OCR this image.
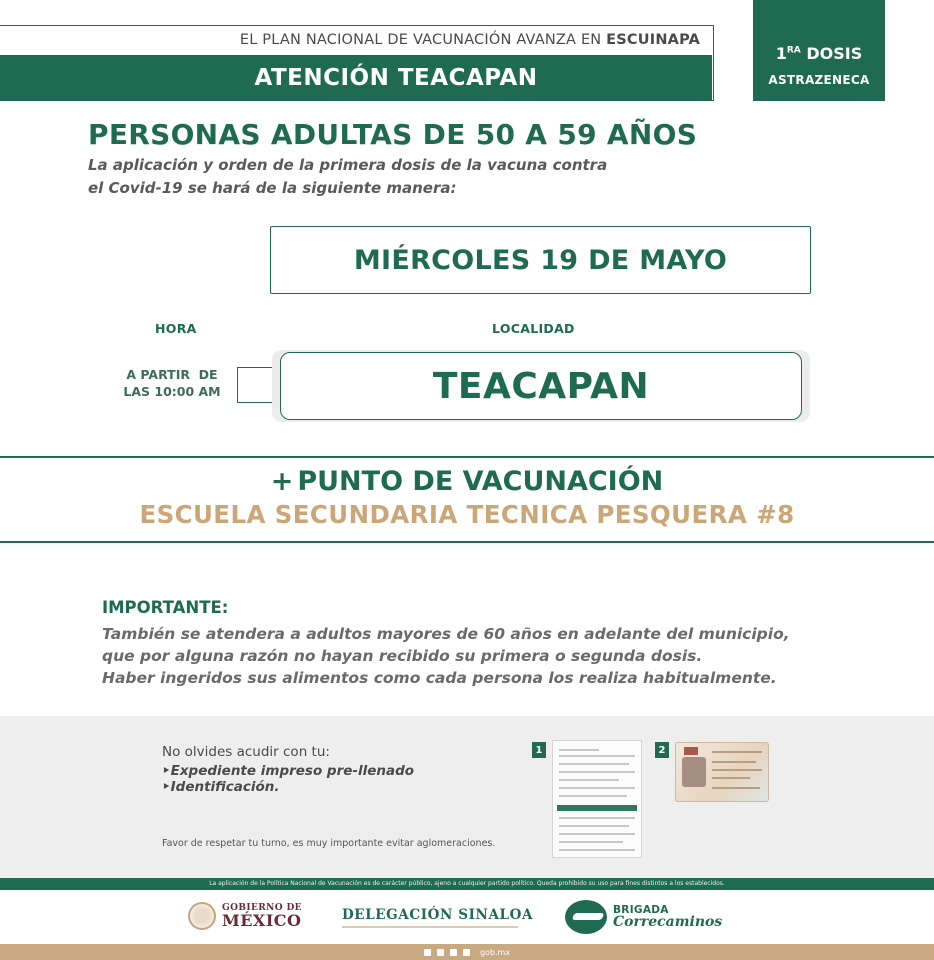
EL PLAN NACIONAL DE VACUNACIÓN AVANZA EN ESCUINAPA
ATENCIÓN TEACAPAN
$1^{RA}$ DOSIS
ASTRAZENECA
PERSONAS ADULTAS DE 50 A 59 AÑOS
La aplicación y orden de la primera dosis de la vacuna contra
el Covid-19 se hará de la siguiente manera:
MIÉRCOLES 19 DE MAYO
HORA	LOCALIDAD
A PARTIR  DE
LAS 10:00 AM	TEACAPAN
+ PUNTO DE VACUNACIÓN
ESCUELA SECUNDARIA TECNICA PESQUERA #8
IMPORTANTE:
También se atendera a adultos mayores de 60 años en adelante del municipio,
que por alguna razón no hayan recibido su primera o segunda dosis.
Haber ingeridos sus alimentos como cada persona los realiza habitualmente.
No olvides acudir con tu:
‣Expediente impreso pre-llenado
‣Identificación.
Favor de respetar tu turno, es muy importante evitar aglomeraciones.
1	2
La aplicación de la Política Nacional de Vacunación es de carácter público, ajeno a cualquier partido político. Queda prohibido su uso para fines distintos a los establecidos.
GOBIERNO DE
MÉXICO	DELEGACIÓN SINALOA	BRIGADA
Correcaminos
gob.mx
